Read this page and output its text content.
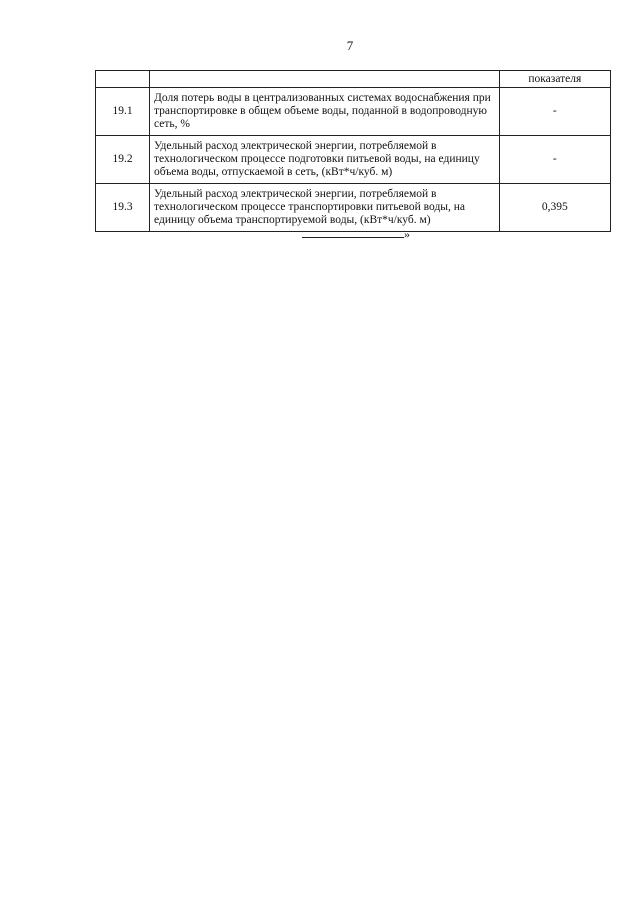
7
		показателя
19.1	Доля потерь воды в централизованных системах водоснабжения при транспортировке в общем объеме воды, поданной в водопроводную сеть, %	-
19.2	Удельный расход электрической энергии, потребляемой в технологическом процессе подготовки питьевой воды, на единицу объема воды, отпускаемой в сеть, (кВт*ч/куб. м)	-
19.3	Удельный расход электрической энергии, потребляемой в технологическом процессе транспортировки питьевой воды, на единицу объема транспортируемой воды, (кВт*ч/куб. м)	0,395
»
